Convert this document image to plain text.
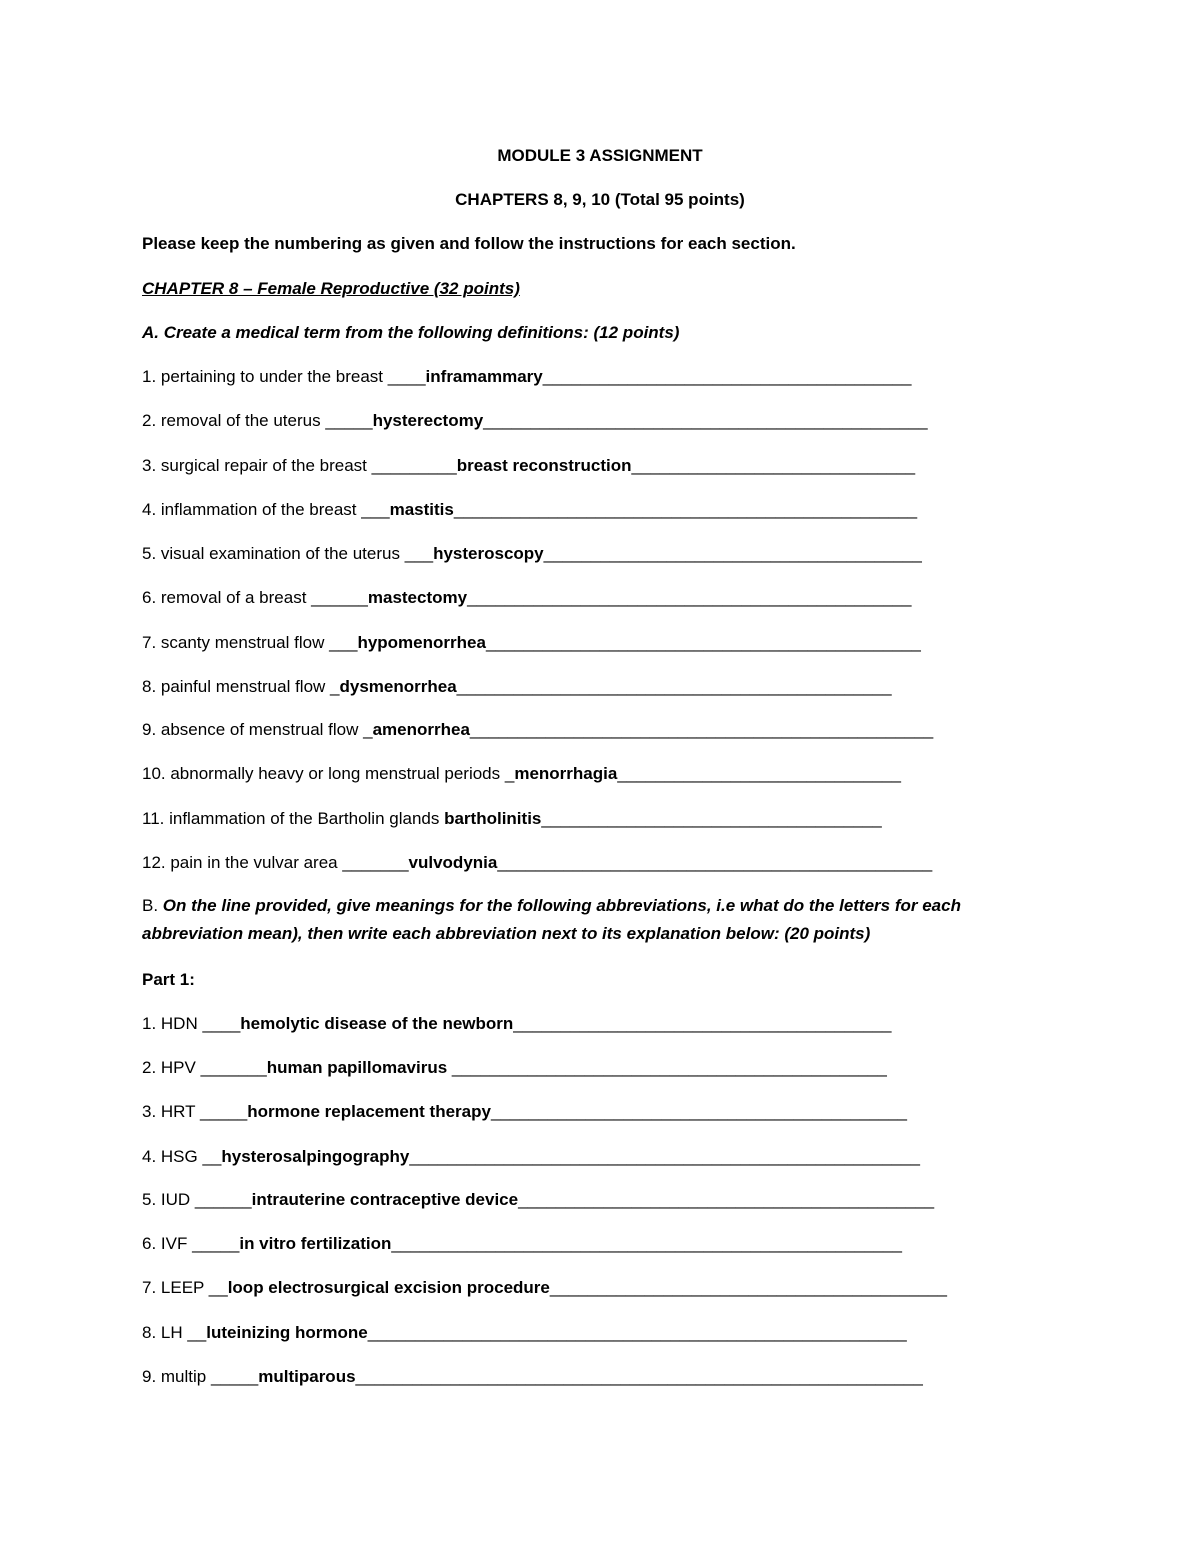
MODULE 3 ASSIGNMENT
CHAPTERS 8, 9, 10 (Total 95 points)
Please keep the numbering as given and follow the instructions for each section.
CHAPTER 8 – Female Reproductive (32 points)
A. Create a medical term from the following definitions: (12 points)
1. pertaining to under the breast ____inframammary_______________________________________
2. removal of the uterus _____hysterectomy_______________________________________________
3. surgical repair of the breast _________breast reconstruction______________________________
4. inflammation of the breast ___mastitis_________________________________________________
5. visual examination of the uterus ___hysteroscopy________________________________________
6. removal of a breast ______mastectomy_______________________________________________
7. scanty menstrual flow ___hypomenorrhea______________________________________________
8. painful menstrual flow _dysmenorrhea______________________________________________
9. absence of menstrual flow _amenorrhea_________________________________________________
10. abnormally heavy or long menstrual periods _menorrhagia______________________________
11. inflammation of the Bartholin glands bartholinitis____________________________________
12. pain in the vulvar area _______vulvodynia______________________________________________
B. On the line provided, give meanings for the following abbreviations, i.e what do the letters for each abbreviation mean), then write each abbreviation next to its explanation below: (20 points)
Part 1:
1. HDN ____hemolytic disease of the newborn________________________________________
2. HPV _______human papillomavirus ______________________________________________
3. HRT _____hormone replacement therapy____________________________________________
4. HSG __hysterosalpingography______________________________________________________
5. IUD ______intrauterine contraceptive device____________________________________________
6. IVF _____in vitro fertilization______________________________________________________
7. LEEP __loop electrosurgical excision procedure__________________________________________
8. LH __luteinizing hormone_________________________________________________________
9. multip _____multiparous____________________________________________________________
